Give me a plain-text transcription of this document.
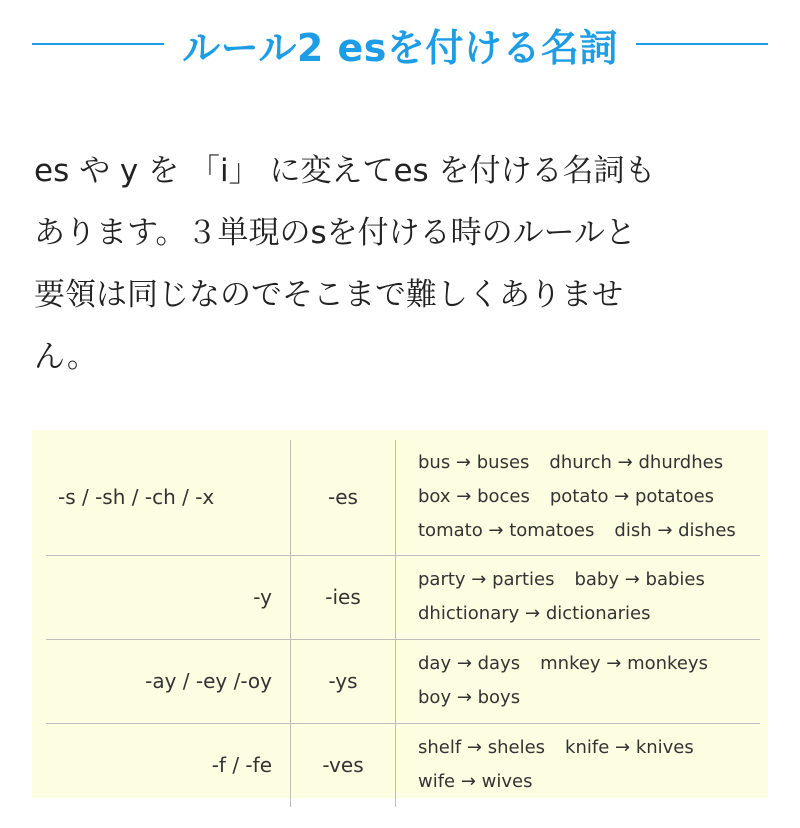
ルール2 esを付ける名詞
es や y を 「i」 に変えてes を付ける名詞も
あります。３単現のsを付ける時のルールと
要領は同じなのでそこまで難しくありませ
ん。
-s / -sh / -ch / -x	-es	bus → buses dhurch → dhurdhes
box → boces potato → potatoes
tomato → tomatoes dish → dishes

-y	-ies	party → parties baby → babies
dhictionary → dictionaries

-ay / -ey /-oy	-ys	day → days mnkey → monkeys
boy → boys

-f / -fe	-ves	shelf → sheles knife → knives
wife → wives
